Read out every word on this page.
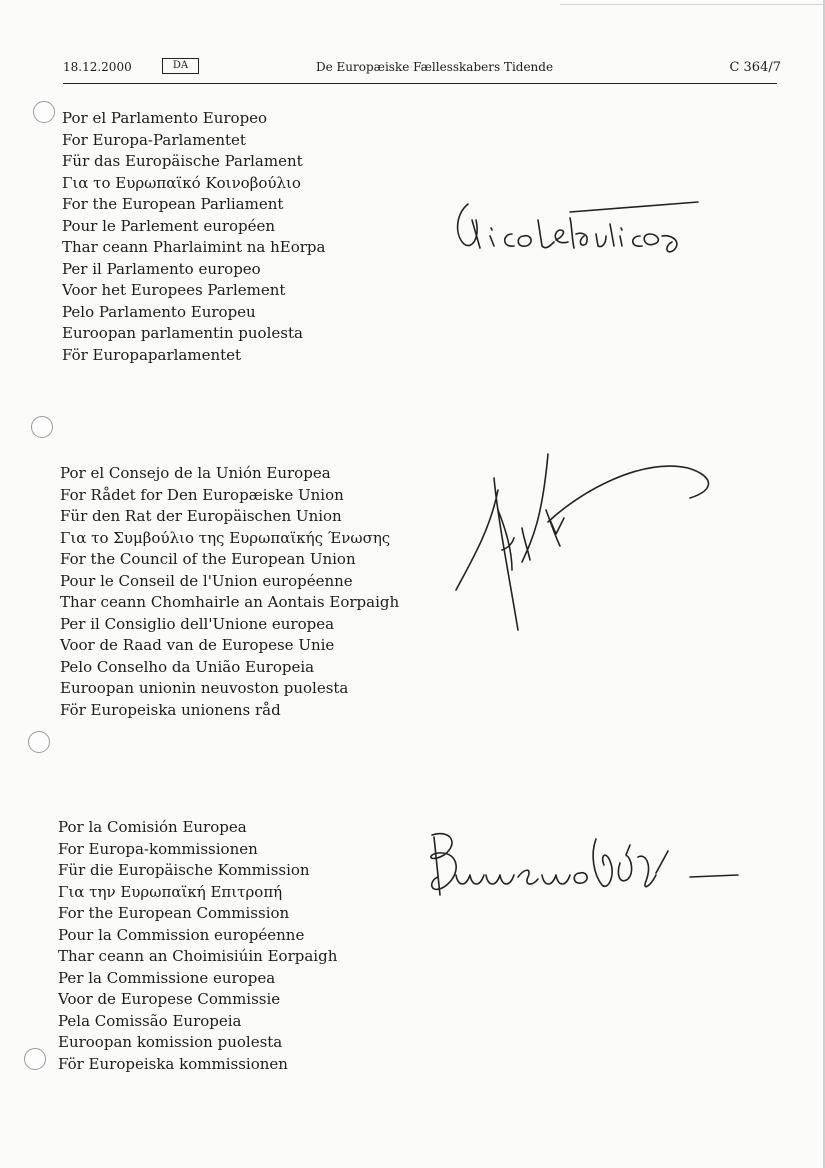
18.12.2000	DA	De Europæiske Fællesskabers Tidende	C 364/7
Por el Parlamento Europeo
For Europa-Parlamentet
Für das Europäische Parlament
Για το Ευρωπαϊκό Κοινοβούλιο
For the European Parliament
Pour le Parlement européen
Thar ceann Pharlaimint na hEorpa
Per il Parlamento europeo
Voor het Europees Parlement
Pelo Parlamento Europeu
Euroopan parlamentin puolesta
För Europaparlamentet
Por el Consejo de la Unión Europea
For Rådet for Den Europæiske Union
Für den Rat der Europäischen Union
Για το Συμβούλιο της Ευρωπαϊκής Ένωσης
For the Council of the European Union
Pour le Conseil de l'Union européenne
Thar ceann Chomhairle an Aontais Eorpaigh
Per il Consiglio dell'Unione europea
Voor de Raad van de Europese Unie
Pelo Conselho da União Europeia
Euroopan unionin neuvoston puolesta
För Europeiska unionens råd
Por la Comisión Europea
For Europa-kommissionen
Für die Europäische Kommission
Για την Ευρωπαϊκή Επιτροπή
For the European Commission
Pour la Commission européenne
Thar ceann an Choimisiúin Eorpaigh
Per la Commissione europea
Voor de Europese Commissie
Pela Comissão Europeia
Euroopan komission puolesta
För Europeiska kommissionen
